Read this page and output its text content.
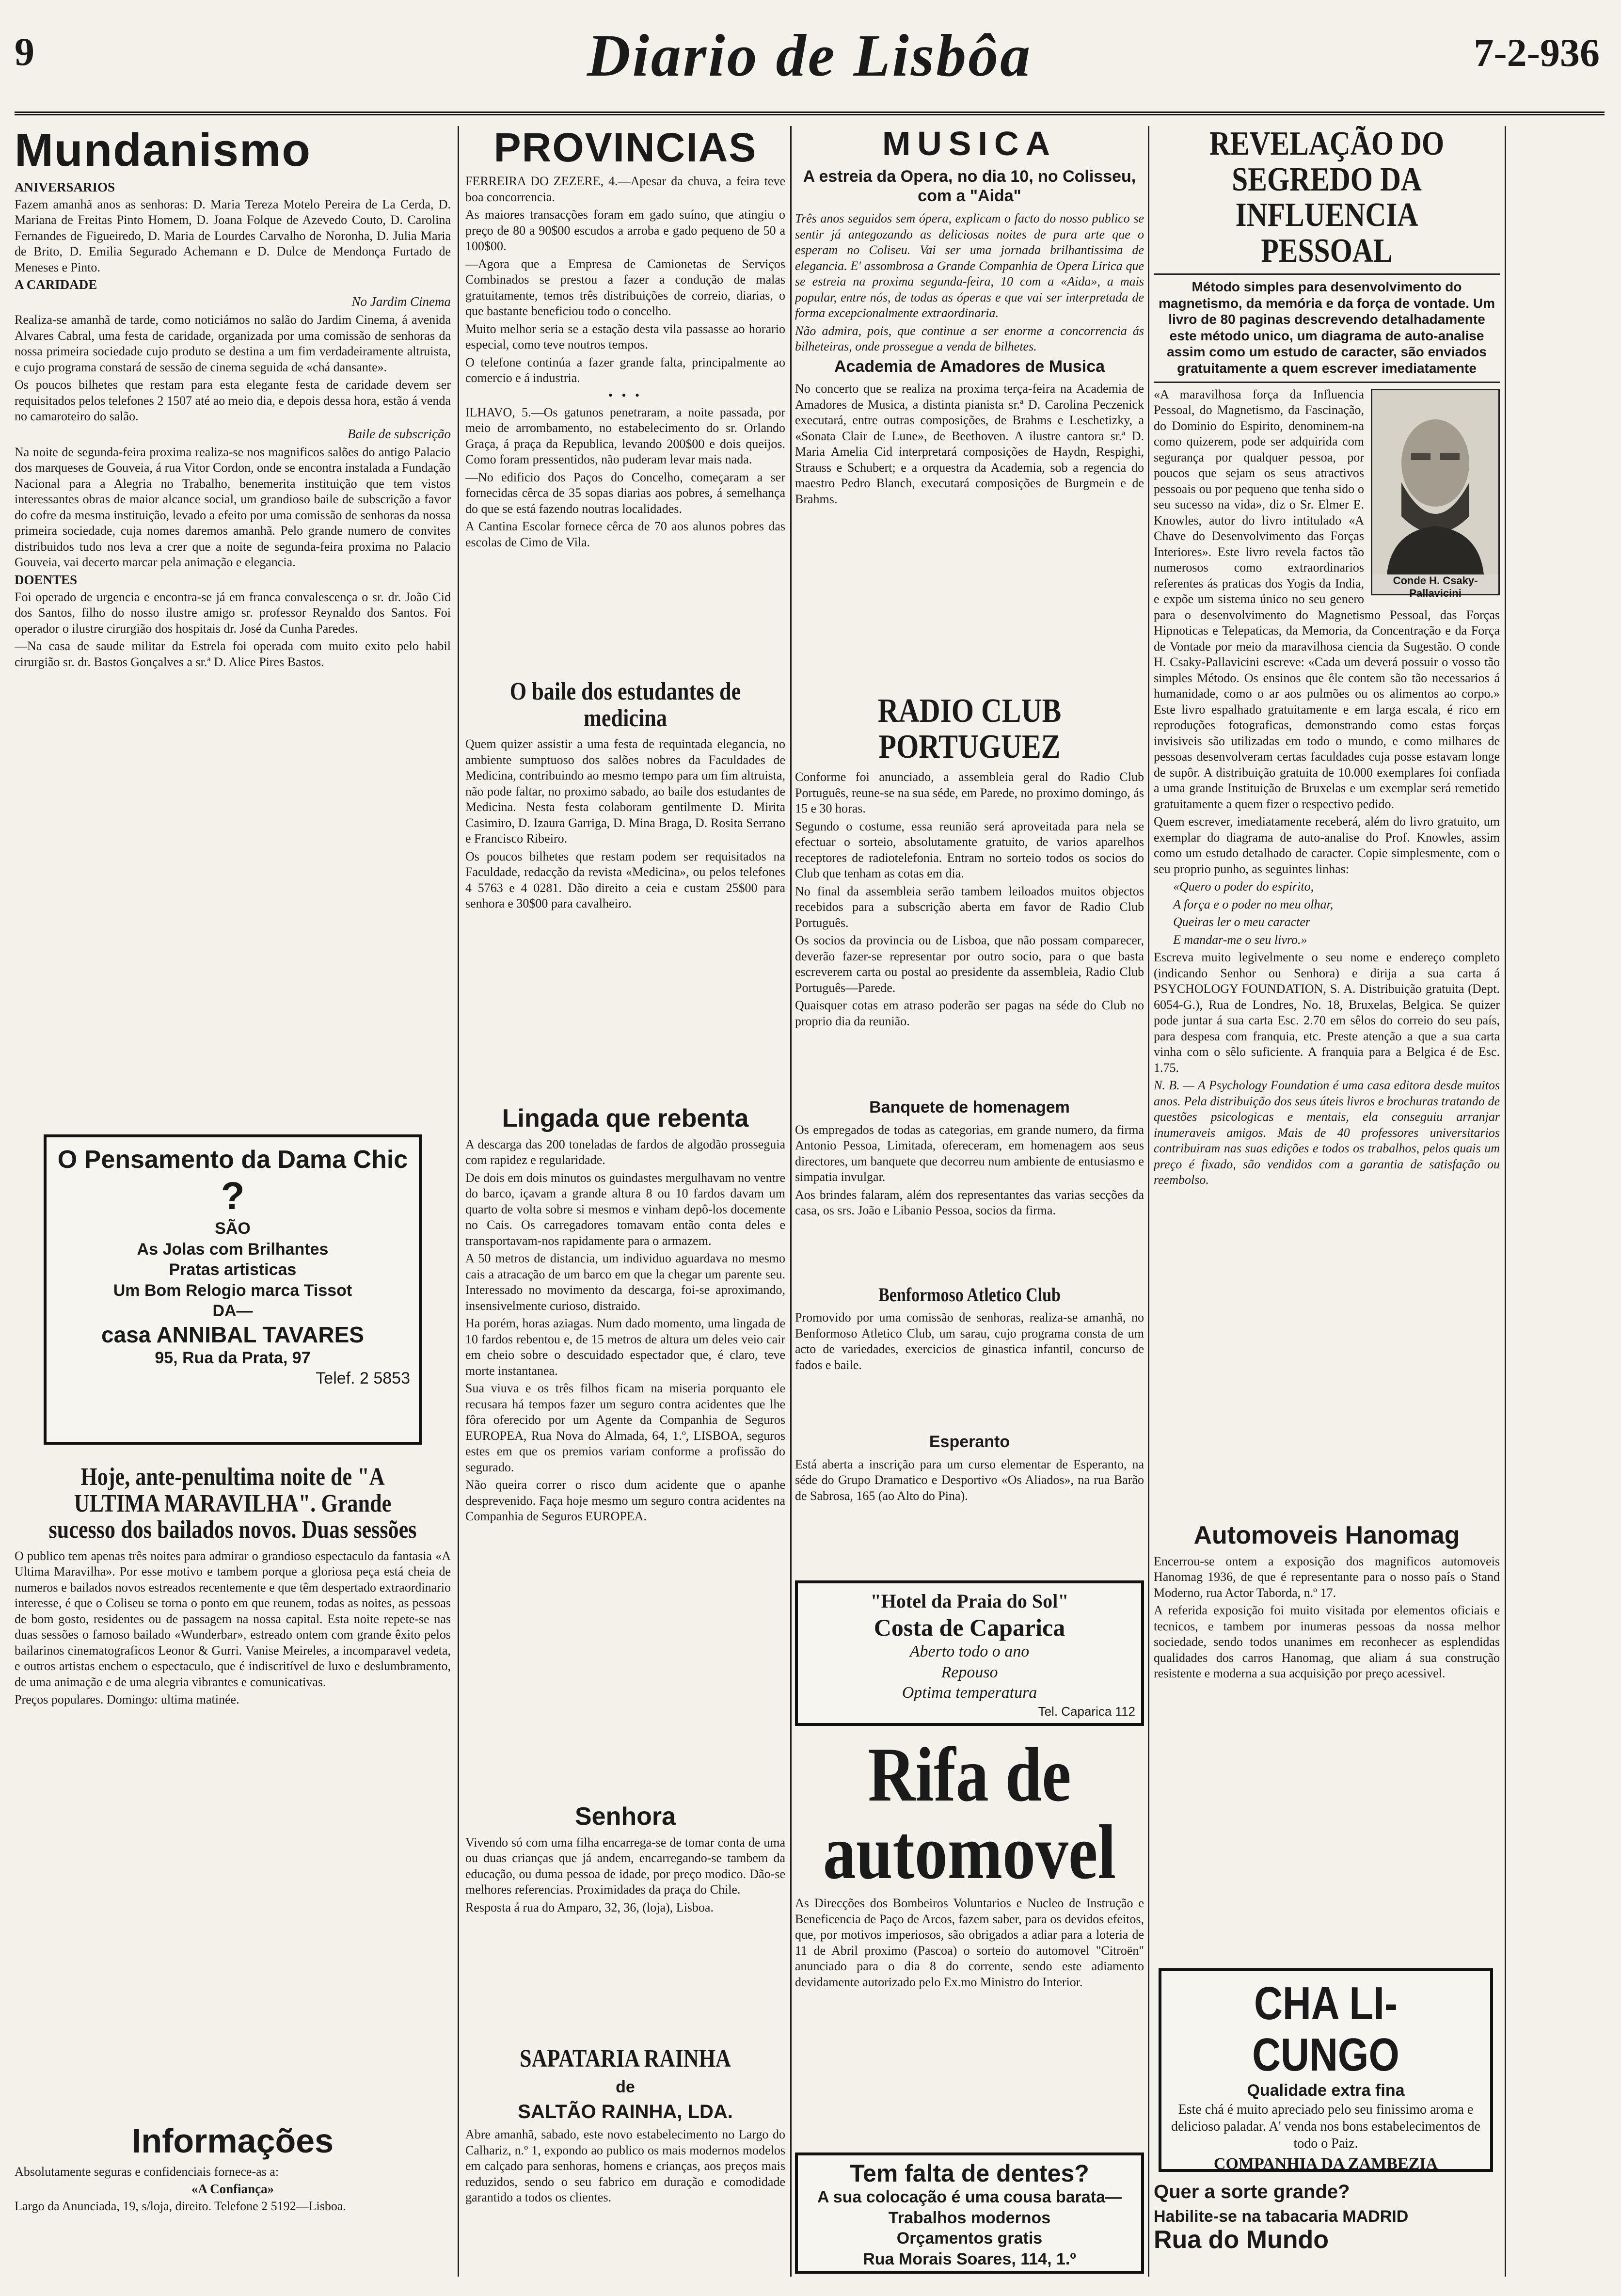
9	Diario de Lisbôa	7-2-936
Mundanismo
ANIVERSARIOS

Fazem amanhã anos as senhoras: D. Maria Tereza Motelo Pereira de La Cerda, D. Mariana de Freitas Pinto Homem, D. Joana Folque de Azevedo Couto, D. Carolina Fernandes de Figueiredo, D. Maria de Lourdes Carvalho de Noronha, D. Julia Maria de Brito, D. Emilia Segurado Achemann e D. Dulce de Mendonça Furtado de Meneses e Pinto.

A CARIDADE
No Jardim Cinema

Realiza-se amanhã de tarde, como noticiámos no salão do Jardim Cinema, á avenida Alvares Cabral, uma festa de caridade, organizada por uma comissão de senhoras da nossa primeira sociedade cujo produto se destina a um fim verdadeiramente altruista, e cujo programa constará de sessão de cinema seguida de «chá dansante».

Os poucos bilhetes que restam para esta elegante festa de caridade devem ser requisitados pelos telefones 2 1507 até ao meio dia, e depois dessa hora, estão á venda no camaroteiro do salão.

Baile de subscrição

Na noite de segunda-feira proxima realiza-se nos magnificos salões do antigo Palacio dos marqueses de Gouveia, á rua Vitor Cordon, onde se encontra instalada a Fundação Nacional para a Alegria no Trabalho, benemerita instituição que tem vistos interessantes obras de maior alcance social, um grandioso baile de subscrição a favor do cofre da mesma instituição, levado a efeito por uma comissão de senhoras da nossa primeira sociedade, cuja nomes daremos amanhã. Pelo grande numero de convites distribuidos tudo nos leva a crer que a noite de segunda-feira proxima no Palacio Gouveia, vai decerto marcar pela animação e elegancia.

DOENTES

Foi operado de urgencia e encontra-se já em franca convalescença o sr. dr. João Cid dos Santos, filho do nosso ilustre amigo sr. professor Reynaldo dos Santos. Foi operador o ilustre cirurgião dos hospitais dr. José da Cunha Paredes.

—Na casa de saude militar da Estrela foi operada com muito exito pelo habil cirurgião sr. dr. Bastos Gonçalves a sr.ª D. Alice Pires Bastos.

O Pensamento da Dama Chic
?
SÃO
As Jolas com Brilhantes
Pratas artisticas
Um Bom Relogio marca Tissot
DA—
casa ANNIBAL TAVARES
95, Rua da Prata, 97
Telef. 2 5853
Hoje, ante-penultima noite de "A ULTIMA MARAVILHA". Grande sucesso dos bailados novos. Duas sessões

O publico tem apenas três noites para admirar o grandioso espectaculo da fantasia «A Ultima Maravilha». Por esse motivo e tambem porque a gloriosa peça está cheia de numeros e bailados novos estreados recentemente e que têm despertado extraordinario interesse, é que o Coliseu se torna o ponto em que reunem, todas as noites, as pessoas de bom gosto, residentes ou de passagem na nossa capital. Esta noite repete-se nas duas sessões o famoso bailado «Wunderbar», estreado ontem com grande êxito pelos bailarinos cinematograficos Leonor & Gurri. Vanise Meireles, a incomparavel vedeta, e outros artistas enchem o espectaculo, que é indiscritível de luxo e deslumbramento, de uma animação e de uma alegria vibrantes e comunicativas.

Preços populares. Domingo: ultima matinée.

Informações

Absolutamente seguras e confidenciais fornece-as a:

«A Confiança»

Largo da Anunciada, 19, s/loja, direito. Telefone 2 5192—Lisboa.

PROVINCIAS

FERREIRA DO ZEZERE, 4.—Apesar da chuva, a feira teve boa concorrencia.

As maiores transacções foram em gado suíno, que atingiu o preço de 80 a 90$00 escudos a arroba e gado pequeno de 50 a 100$00.

—Agora que a Empresa de Camionetas de Serviços Combinados se prestou a fazer a condução de malas gratuitamente, temos três distribuições de correio, diarias, o que bastante beneficiou todo o concelho.

Muito melhor seria se a estação desta vila passasse ao horario especial, como teve noutros tempos.

O telefone continúa a fazer grande falta, principalmente ao comercio e á industria.

• • •

ILHAVO, 5.—Os gatunos penetraram, a noite passada, por meio de arrombamento, no estabelecimento do sr. Orlando Graça, á praça da Republica, levando 200$00 e dois queijos. Como foram pressentidos, não puderam levar mais nada.

—No edificio dos Paços do Concelho, começaram a ser fornecidas cêrca de 35 sopas diarias aos pobres, á semelhança do que se está fazendo noutras localidades.

A Cantina Escolar fornece cêrca de 70 aos alunos pobres das escolas de Cimo de Vila.

O baile dos estudantes de medicina

Quem quizer assistir a uma festa de requintada elegancia, no ambiente sumptuoso dos salões nobres da Faculdades de Medicina, contribuindo ao mesmo tempo para um fim altruista, não pode faltar, no proximo sabado, ao baile dos estudantes de Medicina. Nesta festa colaboram gentilmente D. Mirita Casimiro, D. Izaura Garriga, D. Mina Braga, D. Rosita Serrano e Francisco Ribeiro.

Os poucos bilhetes que restam podem ser requisitados na Faculdade, redacção da revista «Medicina», ou pelos telefones 4 5763 e 4 0281. Dão direito a ceia e custam 25$00 para senhora e 30$00 para cavalheiro.

Lingada que rebenta

A descarga das 200 toneladas de fardos de algodão prosseguia com rapidez e regularidade.

De dois em dois minutos os guindastes mergulhavam no ventre do barco, içavam a grande altura 8 ou 10 fardos davam um quarto de volta sobre si mesmos e vinham depô-los docemente no Cais. Os carregadores tomavam então conta deles e transportavam-nos rapidamente para o armazem.

A 50 metros de distancia, um individuo aguardava no mesmo cais a atracação de um barco em que la chegar um parente seu. Interessado no movimento da descarga, foi-se aproximando, insensivelmente curioso, distraido.

Ha porém, horas aziagas. Num dado momento, uma lingada de 10 fardos rebentou e, de 15 metros de altura um deles veio cair em cheio sobre o descuidado espectador que, é claro, teve morte instantanea.

Sua viuva e os três filhos ficam na miseria porquanto ele recusara há tempos fazer um seguro contra acidentes que lhe fôra oferecido por um Agente da Companhia de Seguros EUROPEA, Rua Nova do Almada, 64, 1.º, LISBOA, seguros estes em que os premios variam conforme a profissão do segurado.

Não queira correr o risco dum acidente que o apanhe desprevenido. Faça hoje mesmo um seguro contra acidentes na Companhia de Seguros EUROPEA.

Senhora

Vivendo só com uma filha encarrega-se de tomar conta de uma ou duas crianças que já andem, encarregando-se tambem da educação, ou duma pessoa de idade, por preço modico. Dão-se melhores referencias. Proximidades da praça do Chile.

Resposta á rua do Amparo, 32, 36, (loja), Lisboa.

SAPATARIA RAINHA
de
SALTÃO RAINHA, LDA.

Abre amanhã, sabado, este novo estabelecimento no Largo do Calhariz, n.º 1, expondo ao publico os mais modernos modelos em calçado para senhoras, homens e crianças, aos preços mais reduzidos, sendo o seu fabrico em duração e comodidade garantido a todos os clientes.

MUSICA
A estreia da Opera, no dia 10, no Colisseu, com a "Aida"

Três anos seguidos sem ópera, explicam o facto do nosso publico se sentir já antegozando as deliciosas noites de pura arte que o esperam no Coliseu. Vai ser uma jornada brilhantissima de elegancia. E' assombrosa a Grande Companhia de Opera Lirica que se estreia na proxima segunda-feira, 10 com a «Aida», a mais popular, entre nós, de todas as óperas e que vai ser interpretada de forma excepcionalmente extraordinaria.

Não admira, pois, que continue a ser enorme a concorrencia ás bilheteiras, onde prossegue a venda de bilhetes.

Academia de Amadores de Musica

No concerto que se realiza na proxima terça-feira na Academia de Amadores de Musica, a distinta pianista sr.ª D. Carolina Peczenick executará, entre outras composições, de Brahms e Leschetizky, a «Sonata Clair de Lune», de Beethoven. A ilustre cantora sr.ª D. Maria Amelia Cid interpretará composições de Haydn, Respighi, Strauss e Schubert; e a orquestra da Academia, sob a regencia do maestro Pedro Blanch, executará composições de Burgmein e de Brahms.

RADIO CLUB PORTUGUEZ

Conforme foi anunciado, a assembleia geral do Radio Club Português, reune-se na sua séde, em Parede, no proximo domingo, ás 15 e 30 horas.

Segundo o costume, essa reunião será aproveitada para nela se efectuar o sorteio, absolutamente gratuito, de varios aparelhos receptores de radiotelefonia. Entram no sorteio todos os socios do Club que tenham as cotas em dia.

No final da assembleia serão tambem leiloados muitos objectos recebidos para a subscrição aberta em favor de Radio Club Português.

Os socios da provincia ou de Lisboa, que não possam comparecer, deverão fazer-se representar por outro socio, para o que basta escreverem carta ou postal ao presidente da assembleia, Radio Club Português—Parede.

Quaisquer cotas em atraso poderão ser pagas na séde do Club no proprio dia da reunião.

Banquete de homenagem

Os empregados de todas as categorias, em grande numero, da firma Antonio Pessoa, Limitada, ofereceram, em homenagem aos seus directores, um banquete que decorreu num ambiente de entusiasmo e simpatia invulgar.

Aos brindes falaram, além dos representantes das varias secções da casa, os srs. João e Libanio Pessoa, socios da firma.

Benformoso Atletico Club

Promovido por uma comissão de senhoras, realiza-se amanhã, no Benformoso Atletico Club, um sarau, cujo programa consta de um acto de variedades, exercicios de ginastica infantil, concurso de fados e baile.

Esperanto

Está aberta a inscrição para um curso elementar de Esperanto, na séde do Grupo Dramatico e Desportivo «Os Aliados», na rua Barão de Sabrosa, 165 (ao Alto do Pina).

"Hotel da Praia do Sol"
Costa de Caparica
Aberto todo o ano
Repouso
Optima temperatura
Tel. Caparica 112
Rifa de automovel

As Direcções dos Bombeiros Voluntarios e Nucleo de Instrução e Beneficencia de Paço de Arcos, fazem saber, para os devidos efeitos, que, por motivos imperiosos, são obrigados a adiar para a loteria de 11 de Abril proximo (Pascoa) o sorteio do automovel "Citroën" anunciado para o dia 8 do corrente, sendo este adiamento devidamente autorizado pelo Ex.mo Ministro do Interior.

Tem falta de dentes?
A sua colocação é uma cousa barata—Trabalhos modernos
Orçamentos gratis
Rua Morais Soares, 114, 1.º
REVELAÇÃO DO SEGREDO DA INFLUENCIA PESSOAL
Método simples para desenvolvimento do magnetismo, da memória e da força de vontade. Um livro de 80 paginas descrevendo detalhadamente este método unico, um diagrama de auto-analise assim como um estudo de caracter, são enviados gratuitamente a quem escrever imediatamente
Conde H. Csaky-Pallavicini

«A maravilhosa força da Influencia Pessoal, do Magnetismo, da Fascinação, do Dominio do Espirito, denominem-na como quizerem, pode ser adquirida com segurança por qualquer pessoa, por poucos que sejam os seus atractivos pessoais ou por pequeno que tenha sido o seu sucesso na vida», diz o Sr. Elmer E. Knowles, autor do livro intitulado «A Chave do Desenvolvimento das Forças Interiores». Este livro revela factos tão numerosos como extraordinarios referentes ás praticas dos Yogis da India, e expõe um sistema único no seu genero para o desenvolvimento do Magnetismo Pessoal, das Forças Hipnoticas e Telepaticas, da Memoria, da Concentração e da Força de Vontade por meio da maravilhosa ciencia da Sugestão. O conde H. Csaky-Pallavicini escreve: «Cada um deverá possuir o vosso tão simples Método. Os ensinos que êle contem são tão necessarios á humanidade, como o ar aos pulmões ou os alimentos ao corpo.» Este livro espalhado gratuitamente e em larga escala, é rico em reproduções fotograficas, demonstrando como estas forças invisiveis são utilizadas em todo o mundo, e como milhares de pessoas desenvolveram certas faculdades cuja posse estavam longe de supôr. A distribuição gratuita de 10.000 exemplares foi confiada a uma grande Instituição de Bruxelas e um exemplar será remetido gratuitamente a quem fizer o respectivo pedido.

Quem escrever, imediatamente receberá, além do livro gratuito, um exemplar do diagrama de auto-analise do Prof. Knowles, assim como um estudo detalhado de caracter. Copie simplesmente, com o seu proprio punho, as seguintes linhas:

«Quero o poder do espirito,
A força e o poder no meu olhar,
Queiras ler o meu caracter
E mandar-me o seu livro.»

Escreva muito legivelmente o seu nome e endereço completo (indicando Senhor ou Senhora) e dirija a sua carta á PSYCHOLOGY FOUNDATION, S. A. Distribuição gratuita (Dept. 6054-G.), Rua de Londres, No. 18, Bruxelas, Belgica. Se quizer pode juntar á sua carta Esc. 2.70 em sêlos do correio do seu país, para despesa com franquia, etc. Preste atenção a que a sua carta vinha com o sêlo suficiente. A franquia para a Belgica é de Esc. 1.75.

N. B. — A Psychology Foundation é uma casa editora desde muitos anos. Pela distribuição dos seus úteis livros e brochuras tratando de questões psicologicas e mentais, ela conseguiu arranjar inumeraveis amigos. Mais de 40 professores universitarios contribuiram nas suas edições e todos os trabalhos, pelos quais um preço é fixado, são vendidos com a garantia de satisfação ou reembolso.

Automoveis Hanomag

Encerrou-se ontem a exposição dos magnificos automoveis Hanomag 1936, de que é representante para o nosso país o Stand Moderno, rua Actor Taborda, n.º 17.

A referida exposição foi muito visitada por elementos oficiais e tecnicos, e tambem por inumeras pessoas da nossa melhor sociedade, sendo todos unanimes em reconhecer as esplendidas qualidades dos carros Hanomag, que aliam á sua construção resistente e moderna a sua acquisição por preço acessivel.

CHA LI-CUNGO
Qualidade extra fina

Este chá é muito apreciado pelo seu finissimo aroma e delicioso paladar. A' venda nos bons estabelecimentos de todo o Paiz.

COMPANHIA DA ZAMBEZIA
Quer a sorte grande?
Habilite-se na tabacaria MADRID
Rua do Mundo
